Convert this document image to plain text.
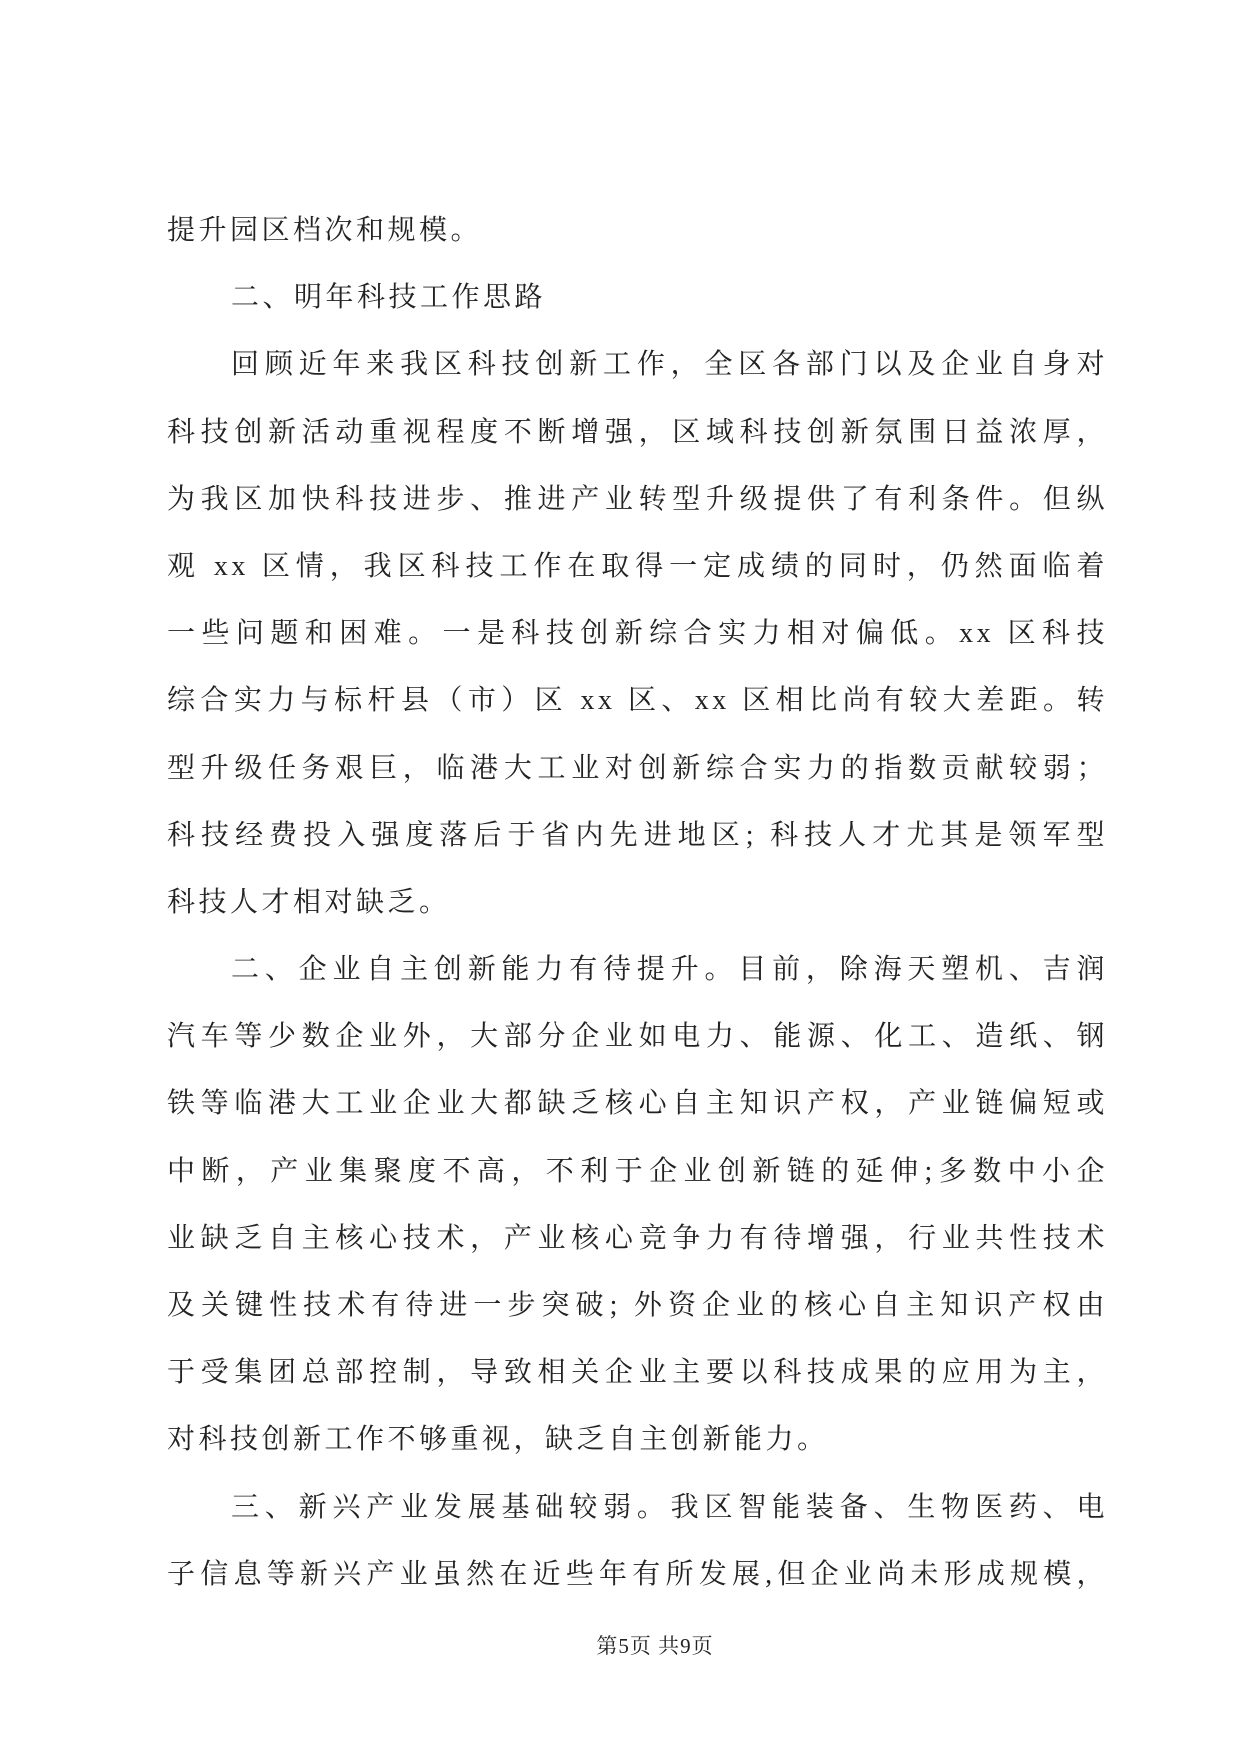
提升园区档次和规模。
二、明年科技工作思路
回顾近年来我区科技创新工作，全区各部门以及企业自身对
科技创新活动重视程度不断增强，区域科技创新氛围日益浓厚，
为我区加快科技进步、推进产业转型升级提供了有利条件。但纵
观 xx 区情，我区科技工作在取得一定成绩的同时，仍然面临着
一些问题和困难。一是科技创新综合实力相对偏低。xx 区科技
综合实力与标杆县（市）区 xx 区、xx 区相比尚有较大差距。转
型升级任务艰巨，临港大工业对创新综合实力的指数贡献较弱；
科技经费投入强度落后于省内先进地区; 科技人才尤其是领军型
科技人才相对缺乏。
二、企业自主创新能力有待提升。目前，除海天塑机、吉润
汽车等少数企业外，大部分企业如电力、能源、化工、造纸、钢
铁等临港大工业企业大都缺乏核心自主知识产权，产业链偏短或
中断，产业集聚度不高，不利于企业创新链的延伸;多数中小企
业缺乏自主核心技术，产业核心竞争力有待增强，行业共性技术
及关键性技术有待进一步突破; 外资企业的核心自主知识产权由
于受集团总部控制，导致相关企业主要以科技成果的应用为主，
对科技创新工作不够重视，缺乏自主创新能力。
三、新兴产业发展基础较弱。我区智能装备、生物医药、电
子信息等新兴产业虽然在近些年有所发展,但企业尚未形成规模，
第5页 共9页
